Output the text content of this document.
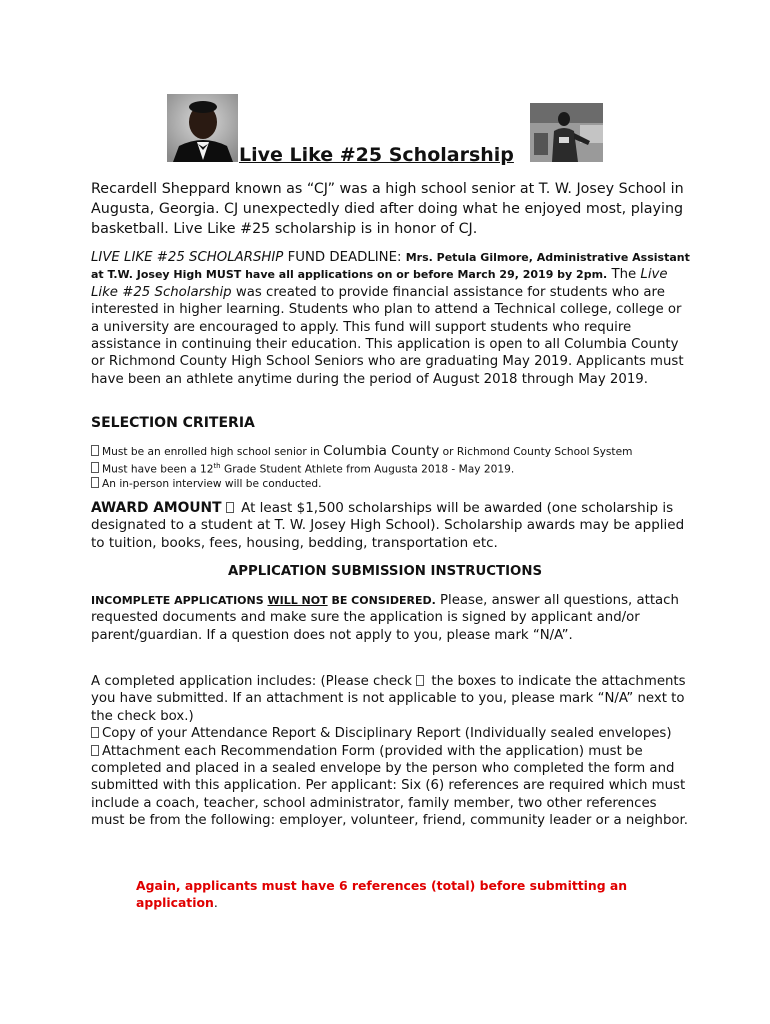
Live Like #25 Scholarship
Recardell Sheppard known as “CJ” was a high school senior at T. W. Josey School in Augusta, Georgia. CJ unexpectedly died after doing what he enjoyed most, playing basketball. Live Like #25 scholarship is in honor of CJ.
LIVE LIKE #25 SCHOLARSHIP FUND DEADLINE: Mrs. Petula Gilmore, Administrative Assistant at T.W. Josey High MUST have all applications on or before March 29, 2019 by 2pm. The Live Like #25 Scholarship was created to provide financial assistance for students who are interested in higher learning. Students who plan to attend a Technical college, college or a university are encouraged to apply. This fund will support students who require assistance in continuing their education. This application is open to all Columbia County or Richmond County High School Seniors who are graduating May 2019. Applicants must have been an athlete anytime during the period of August 2018 through May 2019.
SELECTION CRITERIA
Must be an enrolled high school senior in Columbia County or Richmond County School System
Must have been a 12th Grade Student Athlete from Augusta 2018 - May 2019.
An in-person interview will be conducted.
AWARD AMOUNT  At least $1,500 scholarships will be awarded (one scholarship is designated to a student at T. W. Josey High School). Scholarship awards may be applied to tuition, books, fees, housing, bedding, transportation etc.
APPLICATION SUBMISSION INSTRUCTIONS
INCOMPLETE APPLICATIONS WILL NOT BE CONSIDERED. Please, answer all questions, attach requested documents and make sure the application is signed by applicant and/or parent/guardian. If a question does not apply to you, please mark “N/A”.
A completed application includes: (Please check  the boxes to indicate the attachments you have submitted. If an attachment is not applicable to you, please mark “N/A” next to the check box.)
Copy of your Attendance Report & Disciplinary Report (Individually sealed envelopes)
Attachment each Recommendation Form (provided with the application) must be completed and placed in a sealed envelope by the person who completed the form and submitted with this application. Per applicant: Six (6) references are required which must include a coach, teacher, school administrator, family member, two other references must be from the following: employer, volunteer, friend, community leader or a neighbor.
Again, applicants must have 6 references (total) before submitting an application.
